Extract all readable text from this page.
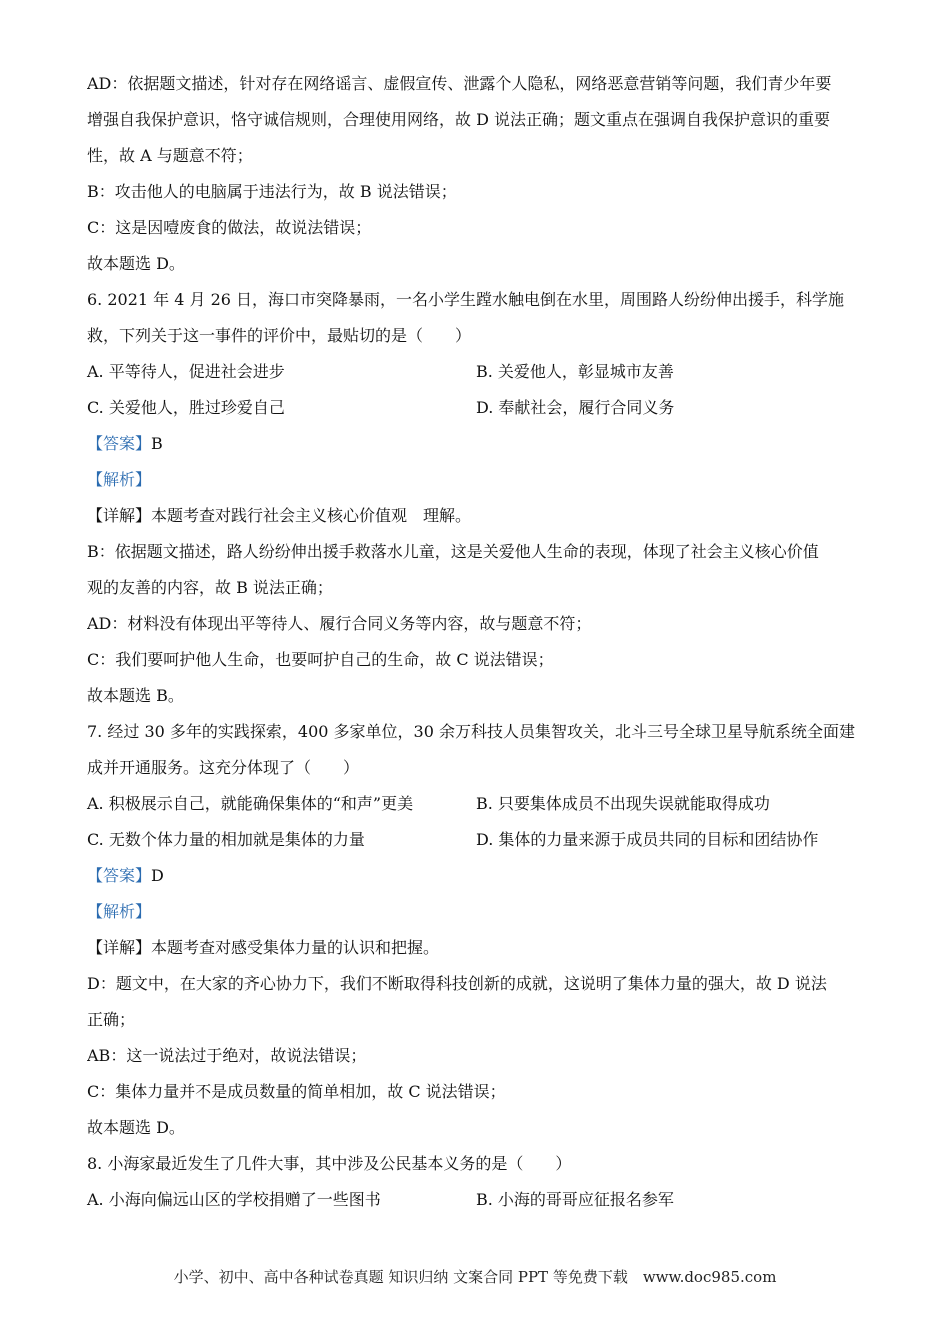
AD：依据题文描述，针对存在网络谣言、虚假宣传、泄露个人隐私，网络恶意营销等问题，我们青少年要
增强自我保护意识，恪守诚信规则，合理使用网络，故 D 说法正确；题文重点在强调自我保护意识的重要
性，故 A 与题意不符；
B：攻击他人的电脑属于违法行为，故 B 说法错误；
C：这是因噎废食的做法，故说法错误；
故本题选 D。
6. 2021 年 4 月 26 日，海口市突降暴雨，一名小学生蹚水触电倒在水里，周围路人纷纷伸出援手，科学施
救，下列关于这一事件的评价中，最贴切的是（　　）
A. 平等待人，促进社会进步	B. 关爱他人，彰显城市友善
C. 关爱他人，胜过珍爱自己	D. 奉献社会，履行合同义务
【答案】B
【解析】
【详解】本题考查对践行社会主义核心价值观　理解。
B：依据题文描述，路人纷纷伸出援手救落水儿童，这是关爱他人生命的表现，体现了社会主义核心价值
观的友善的内容，故 B 说法正确；
AD：材料没有体现出平等待人、履行合同义务等内容，故与题意不符；
C：我们要呵护他人生命，也要呵护自己的生命，故 C 说法错误；
故本题选 B。
7. 经过 30 多年的实践探索，400 多家单位，30 余万科技人员集智攻关，北斗三号全球卫星导航系统全面建
成并开通服务。这充分体现了（　　）
A. 积极展示自己，就能确保集体的“和声”更美	B. 只要集体成员不出现失误就能取得成功
C. 无数个体力量的相加就是集体的力量	D. 集体的力量来源于成员共同的目标和团结协作
【答案】D
【解析】
【详解】本题考查对感受集体力量的认识和把握。
D：题文中，在大家的齐心协力下，我们不断取得科技创新的成就，这说明了集体力量的强大，故 D 说法
正确；
AB：这一说法过于绝对，故说法错误；
C：集体力量并不是成员数量的简单相加，故 C 说法错误；
故本题选 D。
8. 小海家最近发生了几件大事，其中涉及公民基本义务的是（　　）
A. 小海向偏远山区的学校捐赠了一些图书	B. 小海的哥哥应征报名参军
小学、初中、高中各种试卷真题 知识归纳 文案合同 PPT 等免费下载　www.doc985.com
